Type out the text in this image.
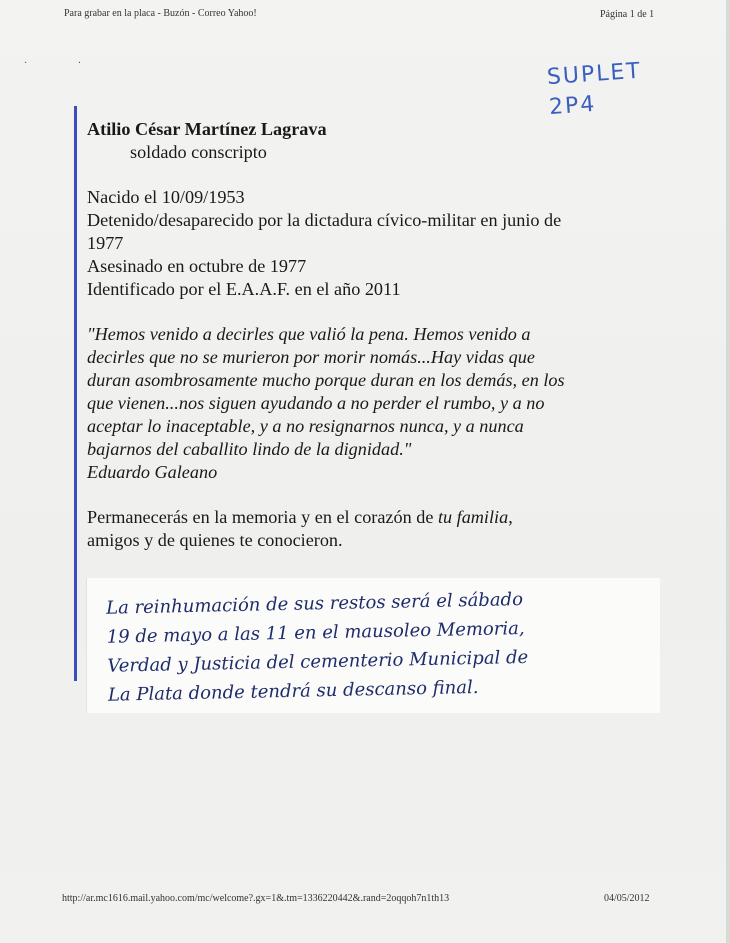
Para grabar en la placa - Buzón - Correo Yahoo!	Página 1 de 1
· ·	SUPLET
2P4
Atilio César Martínez Lagrava
soldado conscripto
Nacido el 10/09/1953
Detenido/desaparecido por la dictadura cívico-militar en junio de
1977
Asesinado en octubre de 1977
Identificado por el E.A.A.F. en el año 2011
"Hemos venido a decirles que valió la pena. Hemos venido a
decirles que no se murieron por morir nomás...Hay vidas que
duran asombrosamente mucho porque duran en los demás, en los
que vienen...nos siguen ayudando a no perder el rumbo, y a no
aceptar lo inaceptable, y a no resignarnos nunca, y a nunca
bajarnos del caballito lindo de la dignidad."
Eduardo Galeano
Permanecerás en la memoria y en el corazón de tu familia,
amigos y de quienes te conocieron.
La reinhumación de sus restos será el sábado
19 de mayo a las 11 en el mausoleo Memoria,
Verdad y Justicia del cementerio Municipal de
La Plata donde tendrá su descanso final.
http://ar.mc1616.mail.yahoo.com/mc/welcome?.gx=1&.tm=1336220442&.rand=2oqqoh7n1th13	04/05/2012
